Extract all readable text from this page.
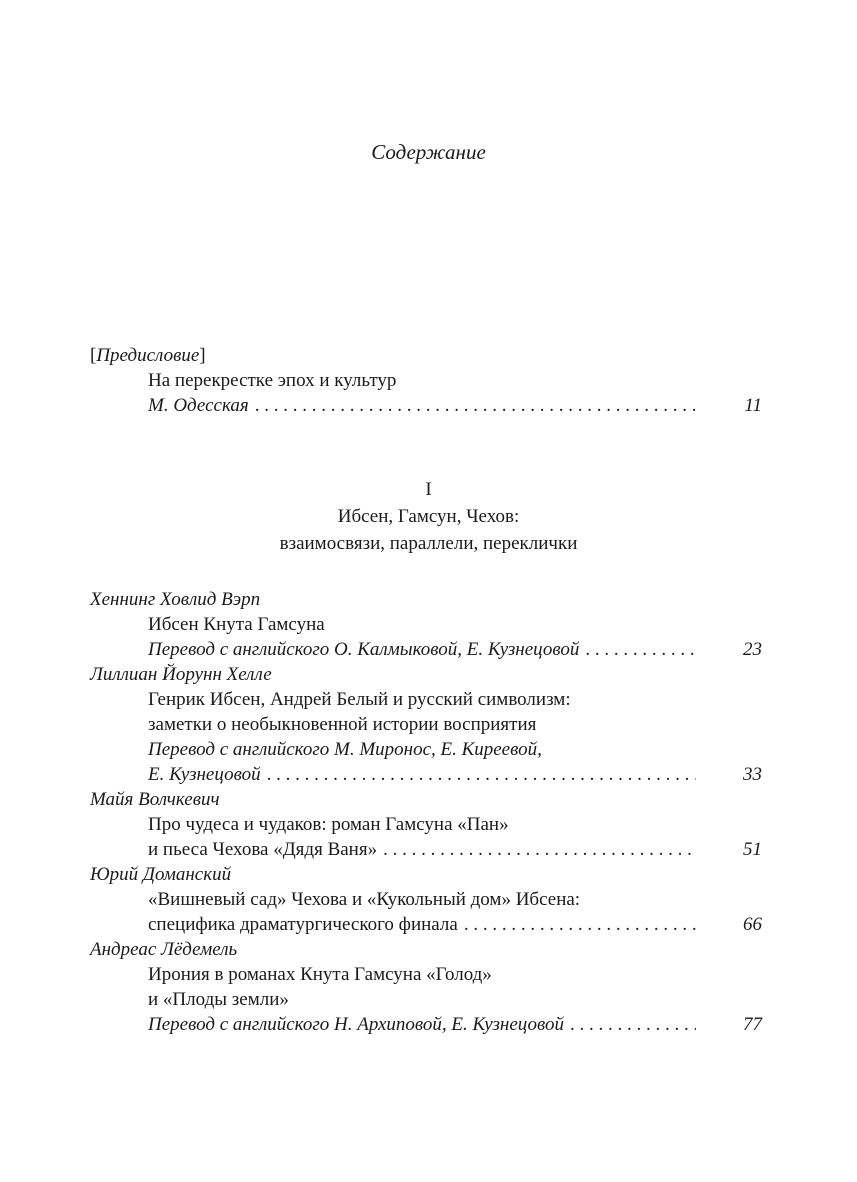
Содержание
[Предисловие]
На перекрестке эпох и культур
М. Одесская . . .	11
I
Ибсен, Гамсун, Чехов:
взаимосвязи, параллели, переклички
Хеннинг Ховлид Вэрп
Ибсен Кнута Гамсуна
Перевод с английского О. Калмыковой, Е. Кузнецовой . . .	23
Лиллиан Йорунн Хелле
Генрик Ибсен, Андрей Белый и русский символизм:
заметки о необыкновенной истории восприятия
Перевод с английского М. Миронос, Е. Киреевой,
Е. Кузнецовой . . .	33
Майя Волчкевич
Про чудеса и чудаков: роман Гамсуна «Пан»
и пьеса Чехова «Дядя Ваня» . . .	51
Юрий Доманский
«Вишневый сад» Чехова и «Кукольный дом» Ибсена:
специфика драматургического финала . . .	66
Андреас Лёдемель
Ирония в романах Кнута Гамсуна «Голод»
и «Плоды земли»
Перевод с английского Н. Архиповой, Е. Кузнецовой . . .	77
